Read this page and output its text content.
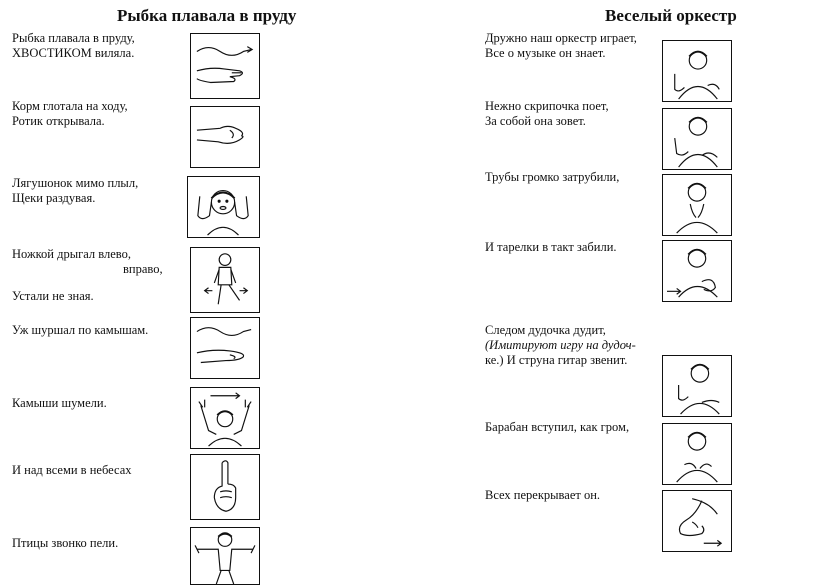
Рыбка плавала в пруду	Веселый оркестр
Рыбка плавала в пруду,
ХВОСТИКОМ виляла.
Корм глотала на ходу,
Ротик открывала.
Лягушонок мимо плыл,
Щеки раздувая.
Ножкой дрыгал влево,
вправо,
Устали не зная.
Уж шуршал по камышам.
Камыши шумели.
И над всеми в небесах
Птицы звонко пели.
Дружно наш оркестр играет,
Все о музыке он знает.
Нежно скрипочка поет,
За собой она зовет.
Трубы громко затрубили,
И тарелки в такт забили.
Следом дудочка дудит,
(Имитируют игру на дудоч-
ке.) И струна гитар звенит.
Барабан вступил, как гром,
Всех перекрывает он.
